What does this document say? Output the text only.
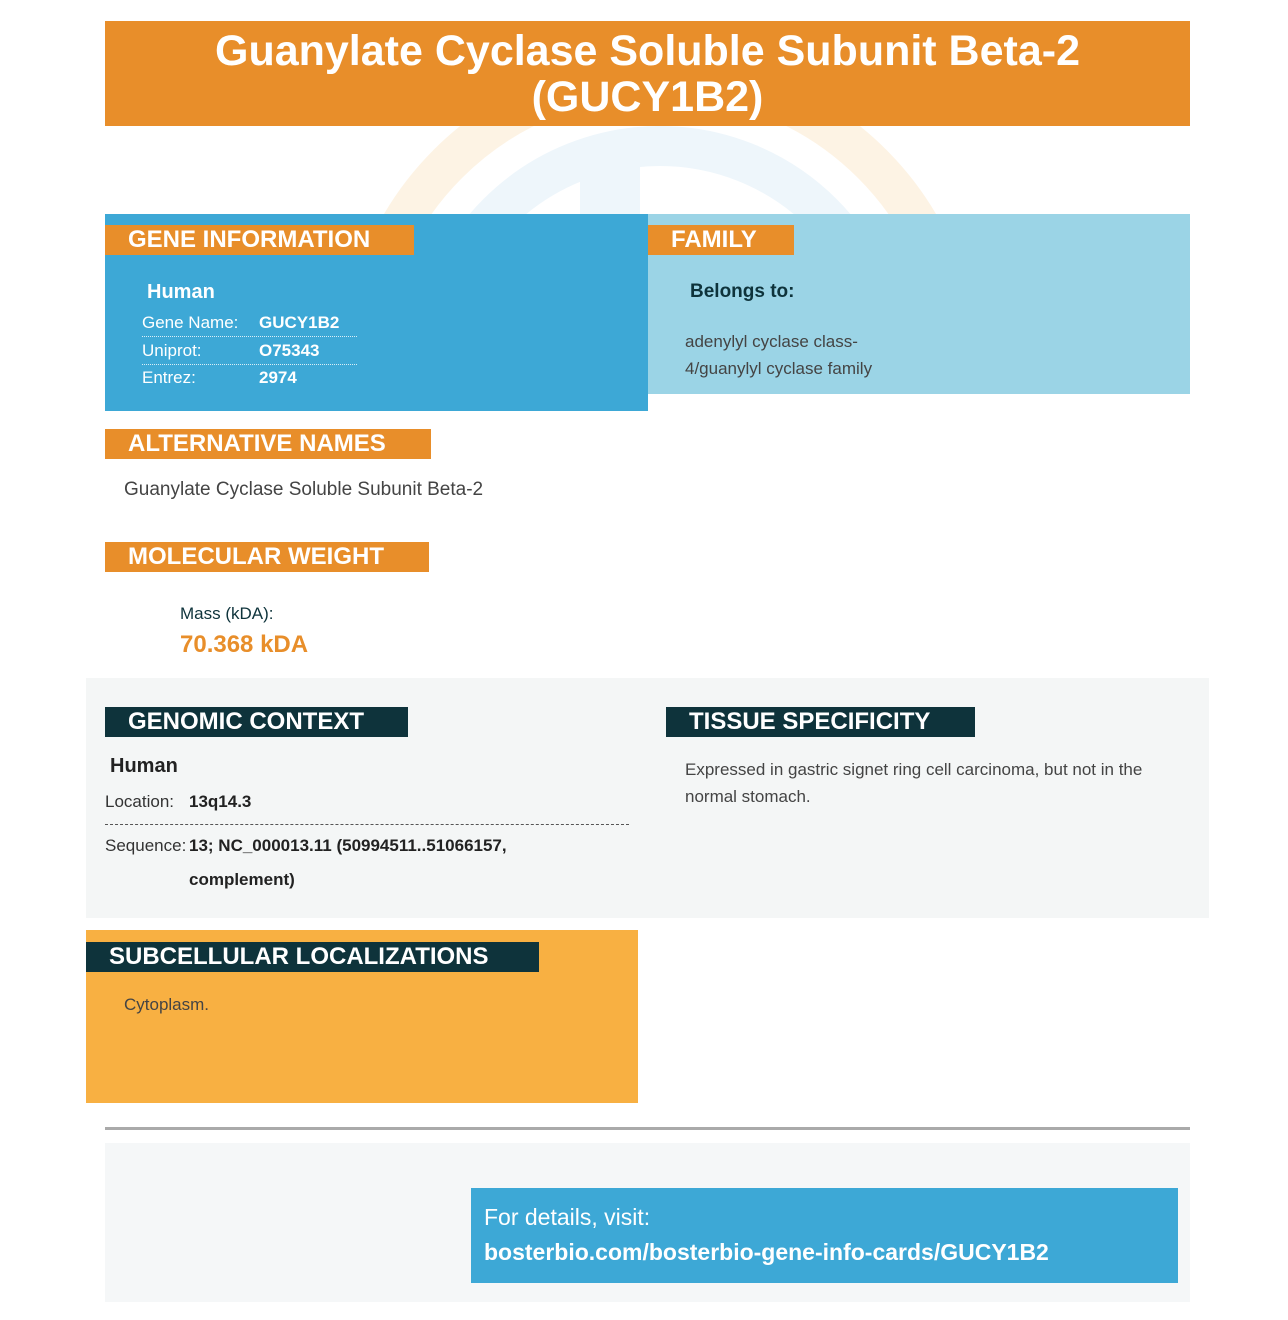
Guanylate Cyclase Soluble Subunit Beta-2 (GUCY1B2)
GENE INFORMATION
Human
Gene Name:	GUCY1B2
Uniprot:	O75343
Entrez:	2974
FAMILY
Belongs to:
adenylyl cyclase class-
4/guanylyl cyclase family
ALTERNATIVE NAMES
Guanylate Cyclase Soluble Subunit Beta-2
MOLECULAR WEIGHT
Mass (kDA):
70.368 kDA
GENOMIC CONTEXT
Human
Location: 13q14.3
Sequence: 13; NC_000013.11 (50994511..51066157,
complement)
TISSUE SPECIFICITY
Expressed in gastric signet ring cell carcinoma, but not in the
normal stomach.
SUBCELLULAR LOCALIZATIONS
Cytoplasm.
For details, visit:
bosterbio.com/bosterbio-gene-info-cards/GUCY1B2
